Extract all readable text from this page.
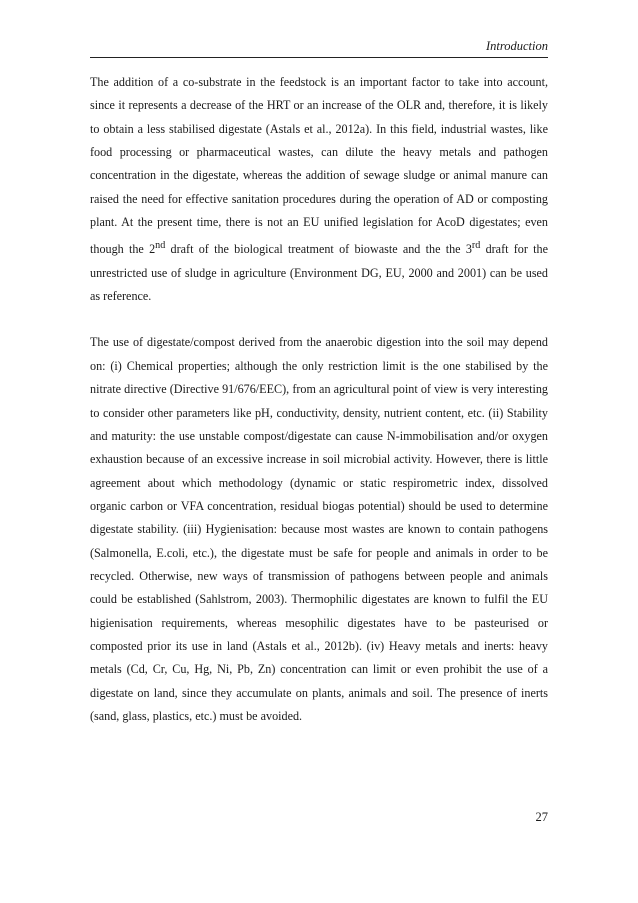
Introduction

The addition of a co-substrate in the feedstock is an important factor to take into account, since it represents a decrease of the HRT or an increase of the OLR and, therefore, it is likely to obtain a less stabilised digestate (Astals et al., 2012a). In this field, industrial wastes, like food processing or pharmaceutical wastes, can dilute the heavy metals and pathogen concentration in the digestate, whereas the addition of sewage sludge or animal manure can raised the need for effective sanitation procedures during the operation of AD or composting plant. At the present time, there is not an EU unified legislation for AcoD digestates; even though the 2nd draft of the biological treatment of biowaste and the the 3rd draft for the unrestricted use of sludge in agriculture (Environment DG, EU, 2000 and 2001) can be used as reference.

The use of digestate/compost derived from the anaerobic digestion into the soil may depend on: (i) Chemical properties; although the only restriction limit is the one stabilised by the nitrate directive (Directive 91/676/EEC), from an agricultural point of view is very interesting to consider other parameters like pH, conductivity, density, nutrient content, etc. (ii) Stability and maturity: the use unstable compost/digestate can cause N-immobilisation and/or oxygen exhaustion because of an excessive increase in soil microbial activity. However, there is little agreement about which methodology (dynamic or static respirometric index, dissolved organic carbon or VFA concentration, residual biogas potential) should be used to determine digestate stability. (iii) Hygienisation: because most wastes are known to contain pathogens (Salmonella, E.coli, etc.), the digestate must be safe for people and animals in order to be recycled. Otherwise, new ways of transmission of pathogens between people and animals could be established (Sahlstrom, 2003). Thermophilic digestates are known to fulfil the EU higienisation requirements, whereas mesophilic digestates have to be pasteurised or composted prior its use in land (Astals et al., 2012b). (iv) Heavy metals and inerts: heavy metals (Cd, Cr, Cu, Hg, Ni, Pb, Zn) concentration can limit or even prohibit the use of a digestate on land, since they accumulate on plants, animals and soil. The presence of inerts (sand, glass, plastics, etc.) must be avoided.

27
